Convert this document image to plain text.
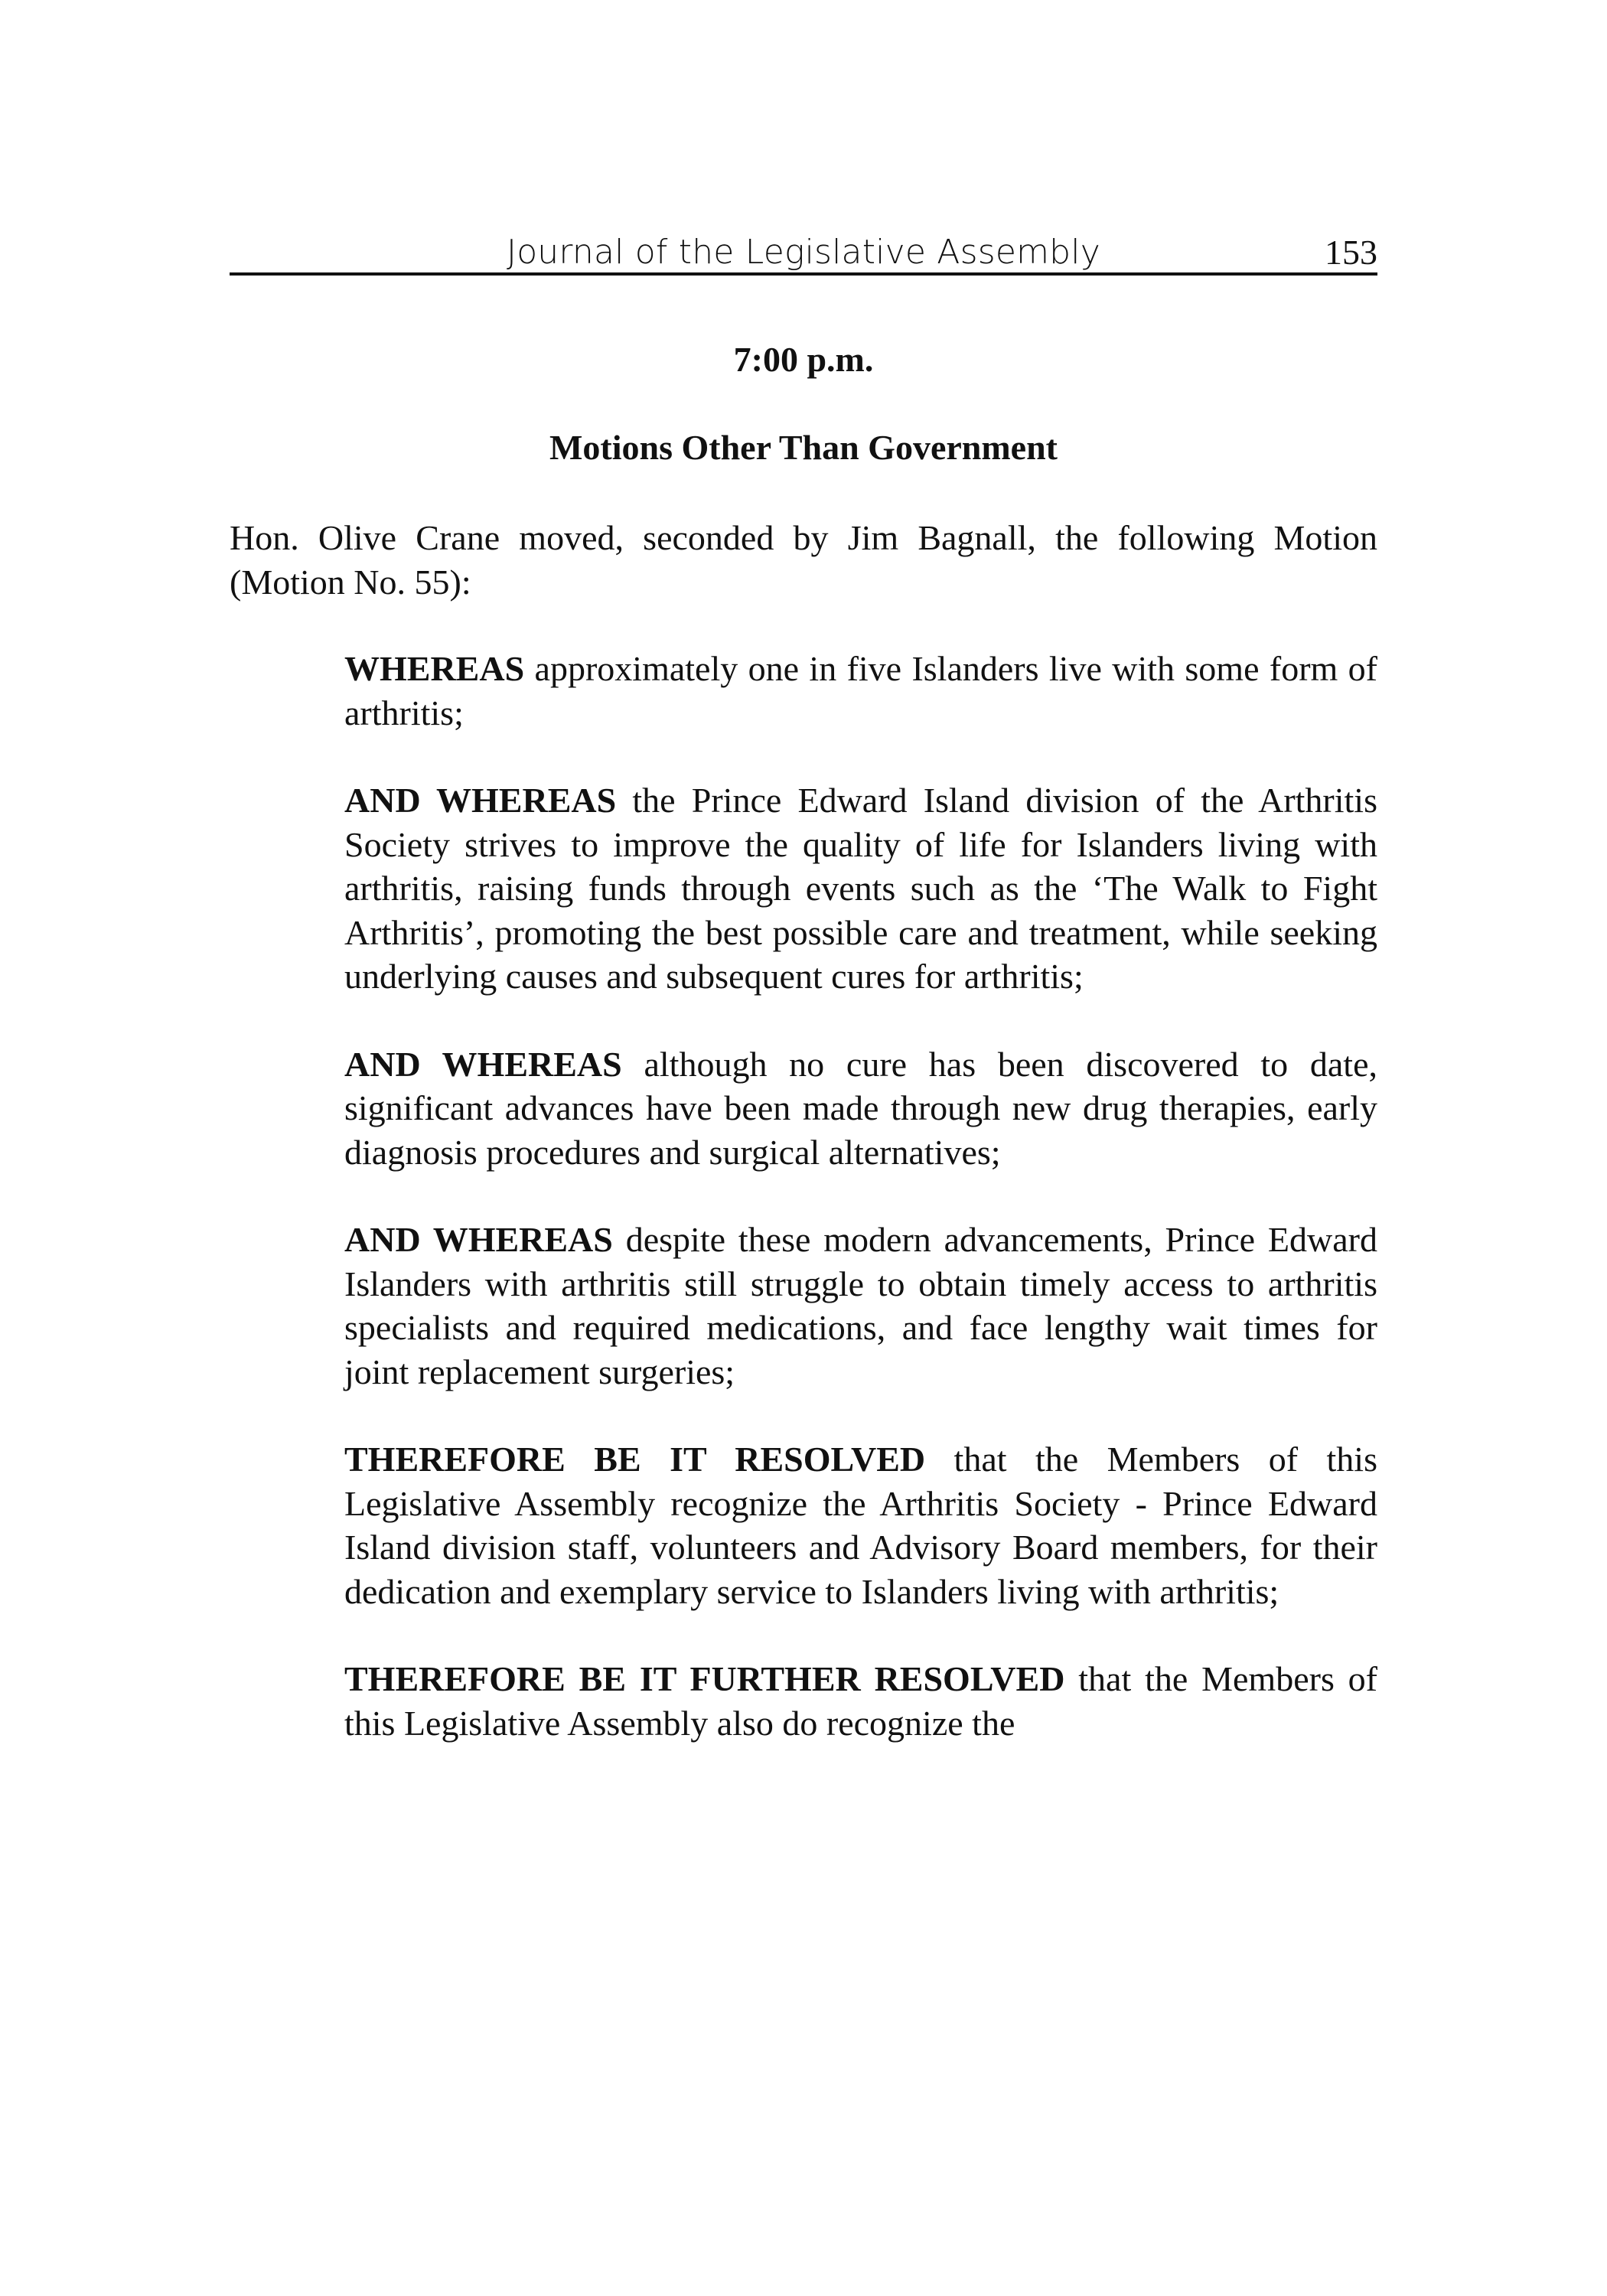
Journal of the Legislative Assembly	153
7:00 p.m.
Motions Other Than Government

Hon. Olive Crane moved, seconded by Jim Bagnall, the following Motion (Motion No. 55):

WHEREAS approximately one in five Islanders live with some form of arthritis;

AND WHEREAS the Prince Edward Island division of the Arthritis Society strives to improve the quality of life for Islanders living with arthritis, raising funds through events such as the ‘The Walk to Fight Arthritis’, promoting the best possible care and treatment, while seeking underlying causes and subsequent cures for arthritis;

AND WHEREAS although no cure has been discovered to date, significant advances have been made through new drug therapies, early diagnosis procedures and surgical alternatives;

AND WHEREAS despite these modern advancements, Prince Edward Islanders with arthritis still struggle to obtain timely access to arthritis specialists and required medications, and face lengthy wait times for joint replacement surgeries;

THEREFORE BE IT RESOLVED that the Members of this Legislative Assembly recognize the Arthritis Society - Prince Edward Island division staff, volunteers and Advisory Board members, for their dedication and exemplary service to Islanders living with arthritis;

THEREFORE BE IT FURTHER RESOLVED that the Members of this Legislative Assembly also do recognize the
